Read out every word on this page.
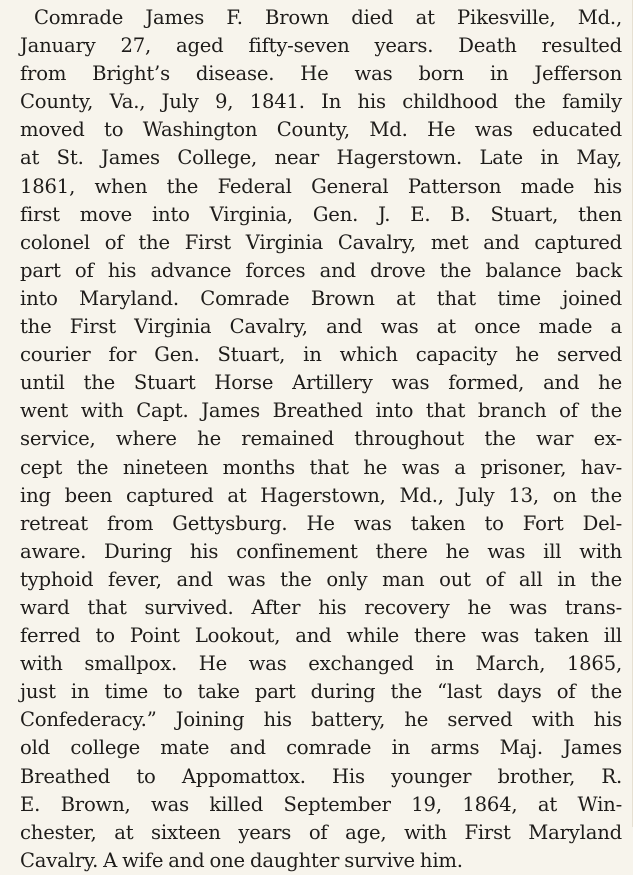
Comrade James F. Brown died at Pikesville, Md.,
January 27, aged fifty-seven years. Death resulted
from Bright’s disease. He was born in Jefferson
County, Va., July 9, 1841. In his childhood the family
moved to Washington County, Md. He was educated
at St. James College, near Hagerstown. Late in May,
1861, when the Federal General Patterson made his
first move into Virginia, Gen. J. E. B. Stuart, then
colonel of the First Virginia Cavalry, met and captured
part of his advance forces and drove the balance back
into Maryland. Comrade Brown at that time joined
the First Virginia Cavalry, and was at once made a
courier for Gen. Stuart, in which capacity he served
until the Stuart Horse Artillery was formed, and he
went with Capt. James Breathed into that branch of the
service, where he remained throughout the war ex-
cept the nineteen months that he was a prisoner, hav-
ing been captured at Hagerstown, Md., July 13, on the
retreat from Gettysburg. He was taken to Fort Del-
aware. During his confinement there he was ill with
typhoid fever, and was the only man out of all in the
ward that survived. After his recovery he was trans-
ferred to Point Lookout, and while there was taken ill
with smallpox. He was exchanged in March, 1865,
just in time to take part during the “last days of the
Confederacy.” Joining his battery, he served with his
old college mate and comrade in arms Maj. James
Breathed to Appomattox. His younger brother, R.
E. Brown, was killed September 19, 1864, at Win-
chester, at sixteen years of age, with First Maryland
Cavalry. A wife and one daughter survive him.
